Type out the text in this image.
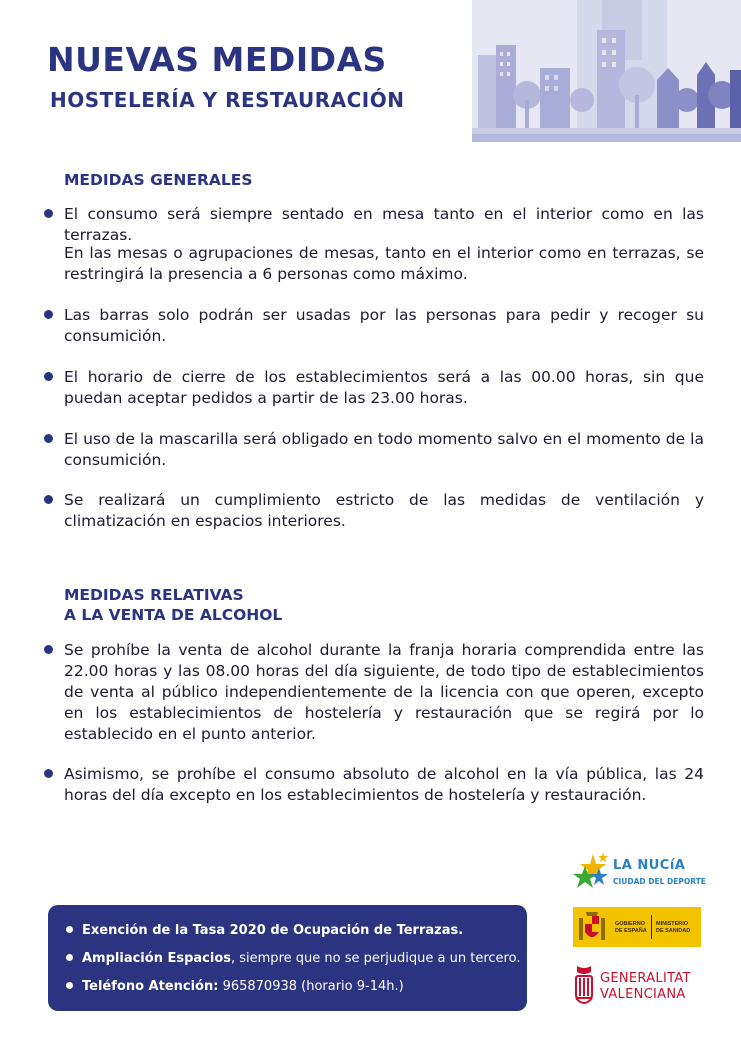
NUEVAS MEDIDAS
HOSTELERÍA Y RESTAURACIÓN
MEDIDAS GENERALES
El consumo será siempre sentado en mesa tanto en el interior como en las terrazas.
En las mesas o agrupaciones de mesas, tanto en el interior como en terrazas, se restringirá la presencia a 6 personas como máximo.
Las barras solo podrán ser usadas por las personas para pedir y recoger su consumición.
El horario de cierre de los establecimientos será a las 00.00 horas, sin que puedan aceptar pedidos a partir de las 23.00 horas.
El uso de la mascarilla será obligado en todo momento salvo en el momento de la consumición.
Se realizará un cumplimiento estricto de las medidas de ventilación y climatización en espacios interiores.
MEDIDAS RELATIVAS
A LA VENTA DE ALCOHOL
Se prohíbe la venta de alcohol durante la franja horaria comprendida entre las 22.00 horas y las 08.00 horas del día siguiente, de todo tipo de establecimientos de venta al público independientemente de la licencia con que operen, excepto en los establecimientos de hostelería y restauración que se regirá por lo establecido en el punto anterior.
Asimismo, se prohíbe el consumo absoluto de alcohol en la vía pública, las 24 horas del día excepto en los establecimientos de hostelería y restauración.
Exención de la Tasa 2020 de Ocupación de Terrazas.
Ampliación Espacios, siempre que no se perjudique a un tercero.
Teléfono Atención: 965870938 (horario 9-14h.)
LA NUCíA
CIUDAD DEL DEPORTE
GOBIERNO
DE ESPAÑA
MINISTERIO
DE SANIDAD
GENERALITAT
VALENCIANA
